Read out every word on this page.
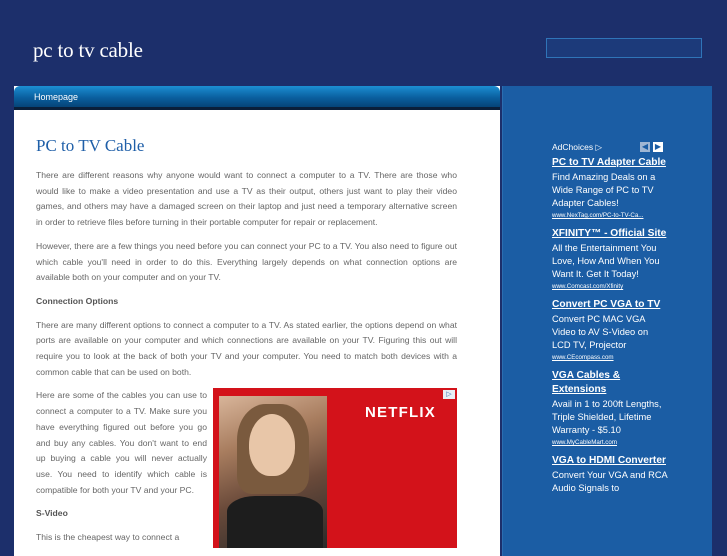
pc to tv cable
Homepage
PC to TV Cable

There are different reasons why anyone would want to connect a computer to a TV. There are those who would like to make a video presentation and use a TV as their output, others just want to play their video games, and others may have a damaged screen on their laptop and just need a temporary alternative screen in order to retrieve files before turning in their portable computer for repair or replacement.

However, there are a few things you need before you can connect your PC to a TV. You also need to figure out which cable you'll need in order to do this. Everything largely depends on what connection options are available both on your computer and on your TV.

Connection Options

There are many different options to connect a computer to a TV. As stated earlier, the options depend on what ports are available on your computer and which connections are available on your TV. Figuring this out will require you to look at the back of both your TV and your computer. You need to match both devices with a common cable that can be used on both.

NETFLIX
▷

Here are some of the cables you can use to connect a computer to a TV. Make sure you have everything figured out before you go and buy any cables. You don't want to end up buying a cable you will never actually use. You need to identify which cable is compatible for both your TV and your PC.

S-Video

This is the cheapest way to connect a

AdChoices ▷	◀ ▶
PC to TV Adapter Cable
Find Amazing Deals on a Wide Range of PC to TV Adapter Cables!
www.NexTag.com/PC-to-TV-Ca...
XFINITY™ - Official Site
All the Entertainment You Love, How And When You Want It. Get It Today!
www.Comcast.com/Xfinity
Convert PC VGA to TV
Convert PC MAC VGA Video to AV S-Video on LCD TV, Projector
www.CEcompass.com
VGA Cables & Extensions
Avail in 1 to 200ft Lengths, Triple Shielded, Lifetime Warranty - $5.10
www.MyCableMart.com
VGA to HDMI Converter
Convert Your VGA and RCA Audio Signals to
